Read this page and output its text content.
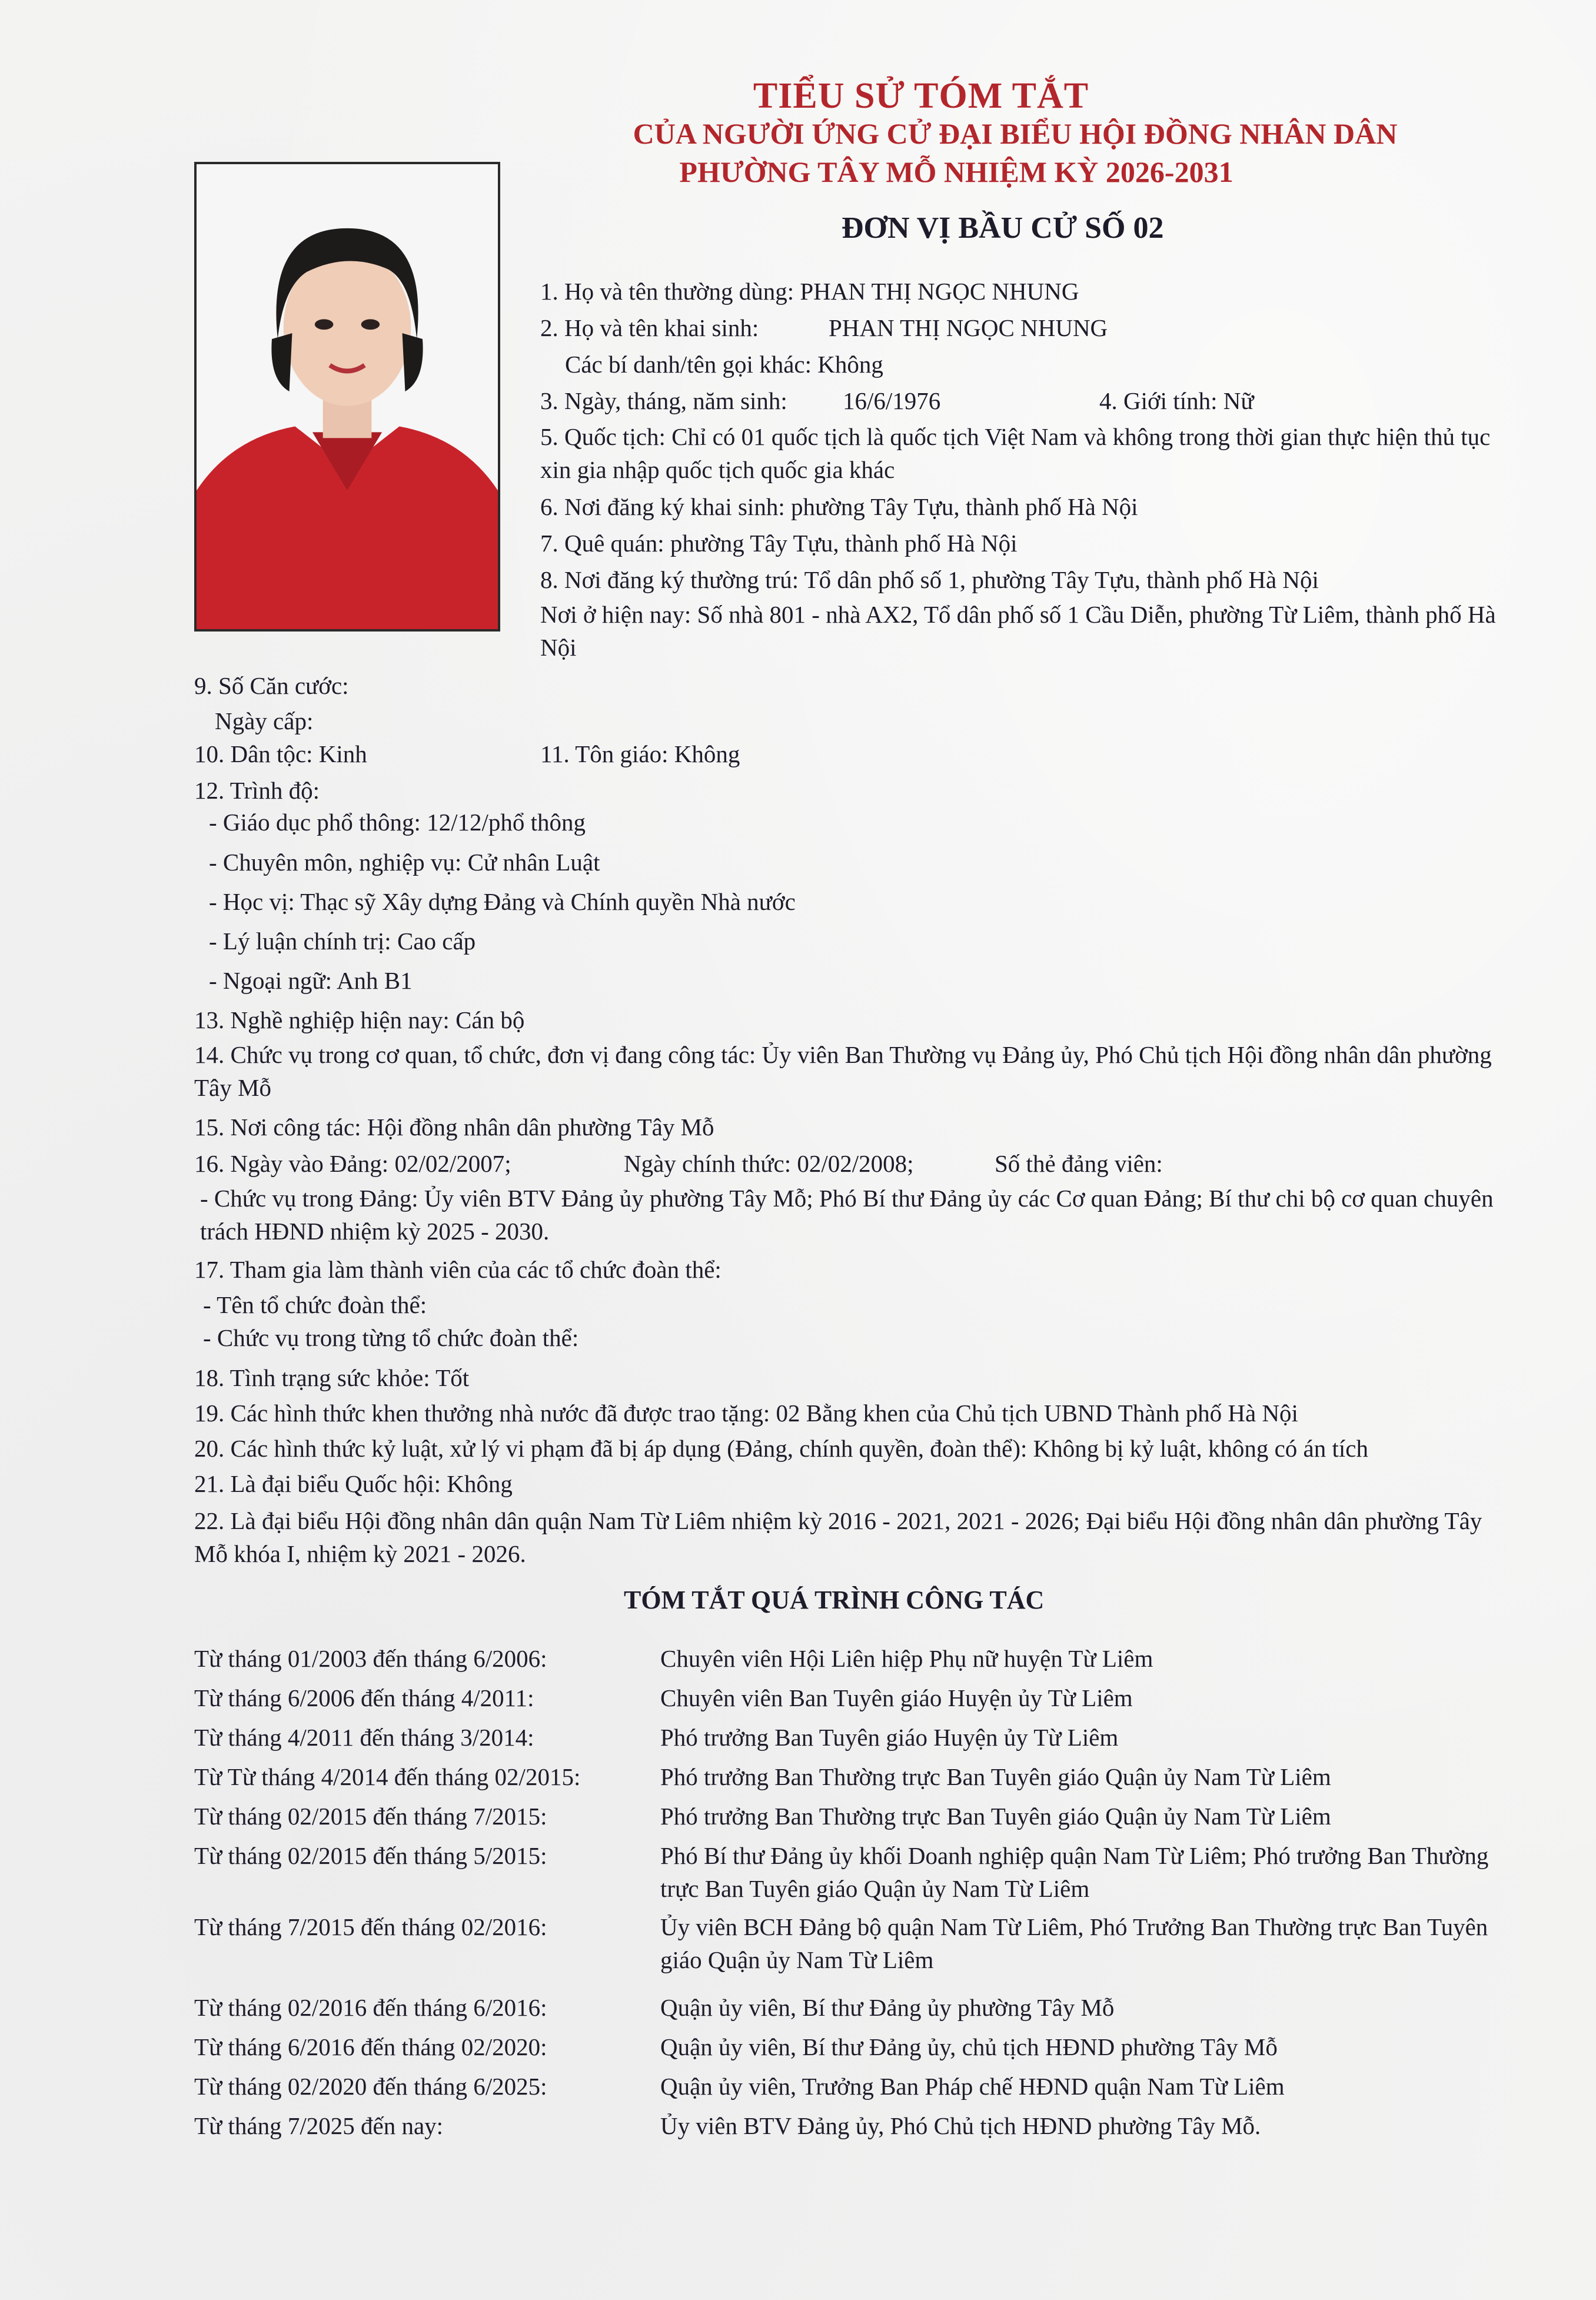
TIỂU SỬ TÓM TẮT
CỦA NGƯỜI ỨNG CỬ ĐẠI BIỂU HỘI ĐỒNG NHÂN DÂN
PHƯỜNG TÂY MỖ NHIỆM KỲ 2026-2031
ĐƠN VỊ BẦU CỬ SỐ 02
1. Họ và tên thường dùng: PHAN THỊ NGỌC NHUNG
2. Họ và tên khai sinh:	PHAN THỊ NGỌC NHUNG
Các bí danh/tên gọi khác: Không
3. Ngày, tháng, năm sinh: 16/6/1976	4. Giới tính: Nữ
5. Quốc tịch: Chỉ có 01 quốc tịch là quốc tịch Việt Nam và không trong thời gian thực hiện thủ tục xin gia nhập quốc tịch quốc gia khác
6. Nơi đăng ký khai sinh: phường Tây Tựu, thành phố Hà Nội
7. Quê quán: phường Tây Tựu, thành phố Hà Nội
8. Nơi đăng ký thường trú: Tổ dân phố số 1, phường Tây Tựu, thành phố Hà Nội
Nơi ở hiện nay: Số nhà 801 - nhà AX2, Tổ dân phố số 1 Cầu Diễn, phường Từ Liêm, thành phố Hà Nội
9. Số Căn cước:
Ngày cấp:
10. Dân tộc: Kinh	11. Tôn giáo: Không
12. Trình độ:
- Giáo dục phổ thông: 12/12/phổ thông
- Chuyên môn, nghiệp vụ: Cử nhân Luật
- Học vị: Thạc sỹ Xây dựng Đảng và Chính quyền Nhà nước
- Lý luận chính trị: Cao cấp
- Ngoại ngữ: Anh B1
13. Nghề nghiệp hiện nay: Cán bộ
14. Chức vụ trong cơ quan, tổ chức, đơn vị đang công tác: Ủy viên Ban Thường vụ Đảng ủy, Phó Chủ tịch Hội đồng nhân dân phường Tây Mỗ
15. Nơi công tác: Hội đồng nhân dân phường Tây Mỗ
16. Ngày vào Đảng: 02/02/2007;	Ngày chính thức: 02/02/2008;	Số thẻ đảng viên:
- Chức vụ trong Đảng: Ủy viên BTV Đảng ủy phường Tây Mỗ; Phó Bí thư Đảng ủy các Cơ quan Đảng; Bí thư chi bộ cơ quan chuyên trách HĐND nhiệm kỳ 2025 - 2030.
17. Tham gia làm thành viên của các tổ chức đoàn thể:
- Tên tổ chức đoàn thể:
- Chức vụ trong từng tổ chức đoàn thể:
18. Tình trạng sức khỏe: Tốt
19. Các hình thức khen thưởng nhà nước đã được trao tặng: 02 Bằng khen của Chủ tịch UBND Thành phố Hà Nội
20. Các hình thức kỷ luật, xử lý vi phạm đã bị áp dụng (Đảng, chính quyền, đoàn thể): Không bị kỷ luật, không có án tích
21. Là đại biểu Quốc hội: Không
22. Là đại biểu Hội đồng nhân dân quận Nam Từ Liêm nhiệm kỳ 2016 - 2021, 2021 - 2026; Đại biểu Hội đồng nhân dân phường Tây Mỗ khóa I, nhiệm kỳ 2021 - 2026.
TÓM TẮT QUÁ TRÌNH CÔNG TÁC
Từ tháng 01/2003 đến tháng 6/2006:	Chuyên viên Hội Liên hiệp Phụ nữ huyện Từ Liêm
Từ tháng 6/2006 đến tháng 4/2011:	Chuyên viên Ban Tuyên giáo Huyện ủy Từ Liêm
Từ tháng 4/2011 đến tháng 3/2014:	Phó trưởng Ban Tuyên giáo Huyện ủy Từ Liêm
Từ Từ tháng 4/2014 đến tháng 02/2015:	Phó trưởng Ban Thường trực Ban Tuyên giáo Quận ủy Nam Từ Liêm
Từ tháng 02/2015 đến tháng 7/2015:	Phó trưởng Ban Thường trực Ban Tuyên giáo Quận ủy Nam Từ Liêm
Từ tháng 02/2015 đến tháng 5/2015:	Phó Bí thư Đảng ủy khối Doanh nghiệp quận Nam Từ Liêm; Phó trưởng Ban Thường trực Ban Tuyên giáo Quận ủy Nam Từ Liêm
Từ tháng 7/2015 đến tháng 02/2016:	Ủy viên BCH Đảng bộ quận Nam Từ Liêm, Phó Trưởng Ban Thường trực Ban Tuyên giáo Quận ủy Nam Từ Liêm
Từ tháng 02/2016 đến tháng 6/2016:	Quận ủy viên, Bí thư Đảng ủy phường Tây Mỗ
Từ tháng 6/2016 đến tháng 02/2020:	Quận ủy viên, Bí thư Đảng ủy, chủ tịch HĐND phường Tây Mỗ
Từ tháng 02/2020 đến tháng 6/2025:	Quận ủy viên, Trưởng Ban Pháp chế HĐND quận Nam Từ Liêm
Từ tháng 7/2025 đến nay:	Ủy viên BTV Đảng ủy, Phó Chủ tịch HĐND phường Tây Mỗ.
